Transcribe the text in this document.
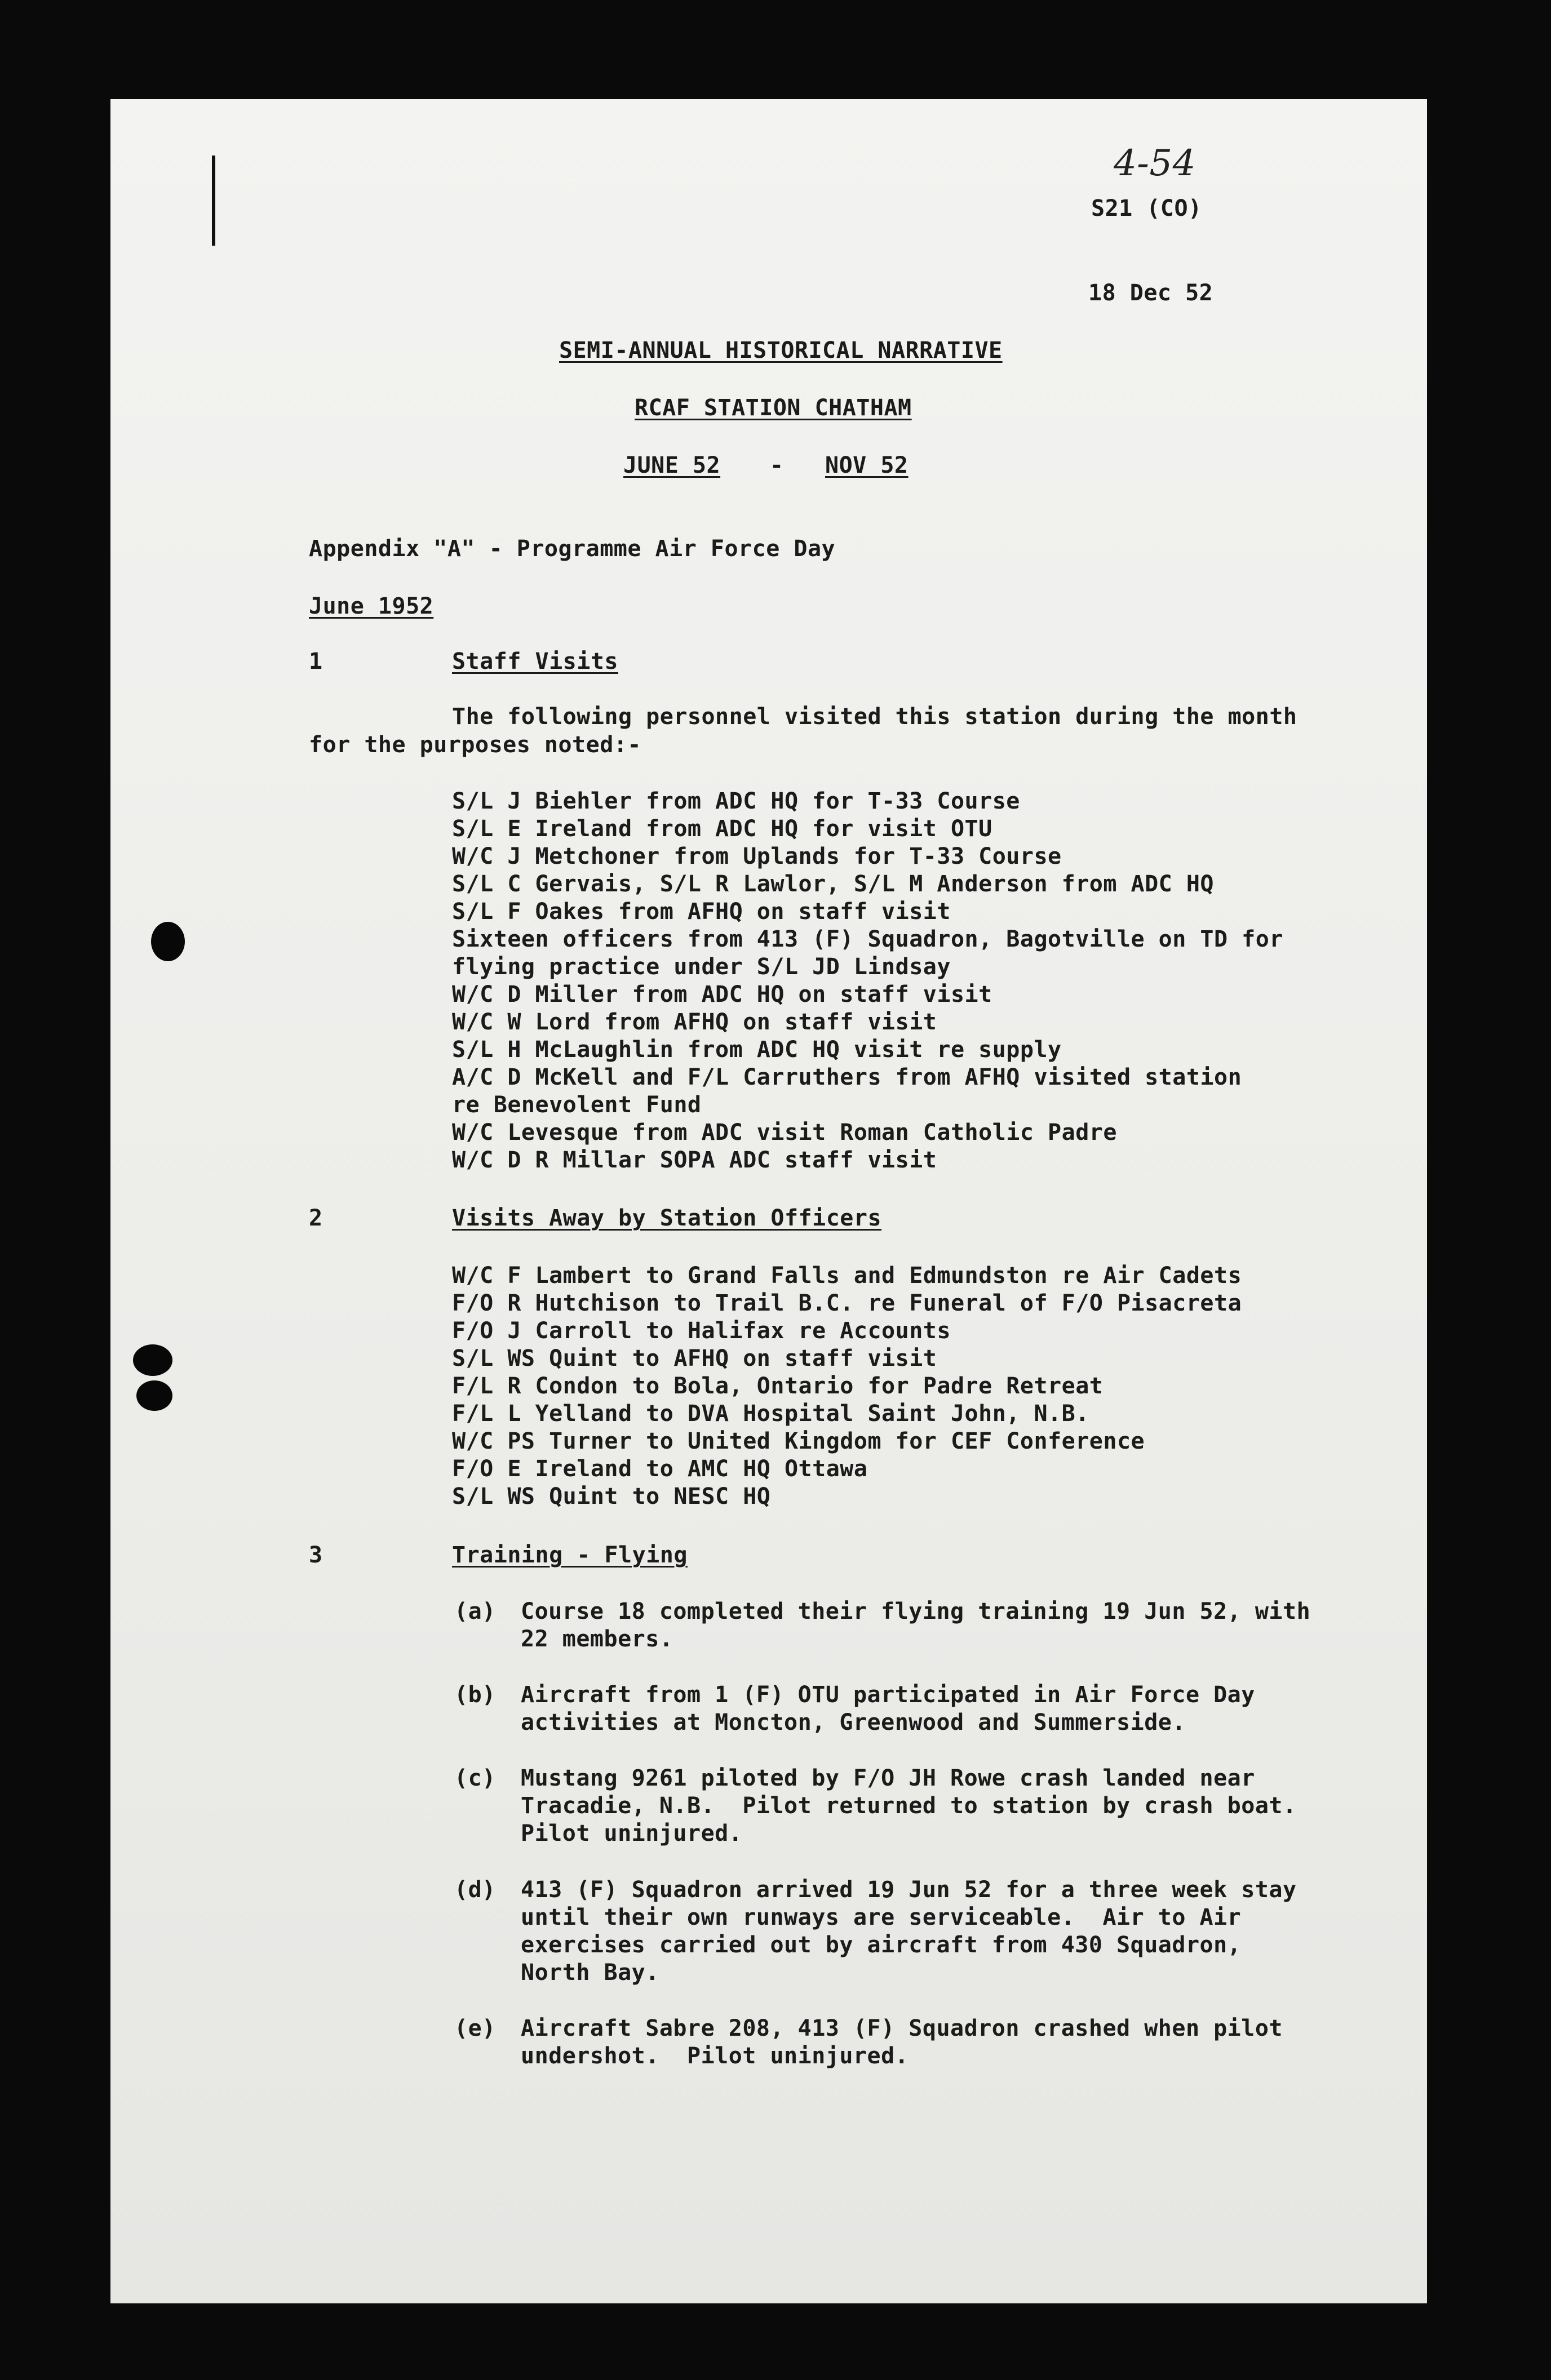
4-54
S21 (CO)
18 Dec 52
SEMI-ANNUAL HISTORICAL NARRATIVE
RCAF STATION CHATHAM
JUNE 52 - NOV 52
Appendix "A" - Programme Air Force Day
June 1952
1	Staff Visits
The following personnel visited this station during the month
for the purposes noted:-
S/L J Biehler from ADC HQ for T-33 Course
S/L E Ireland from ADC HQ for visit OTU
W/C J Metchoner from Uplands for T-33 Course
S/L C Gervais, S/L R Lawlor, S/L M Anderson from ADC HQ
S/L F Oakes from AFHQ on staff visit
Sixteen officers from 413 (F) Squadron, Bagotville on TD for
flying practice under S/L JD Lindsay
W/C D Miller from ADC HQ on staff visit
W/C W Lord from AFHQ on staff visit
S/L H McLaughlin from ADC HQ visit re supply
A/C D McKell and F/L Carruthers from AFHQ visited station
re Benevolent Fund
W/C Levesque from ADC visit Roman Catholic Padre
W/C D R Millar SOPA ADC staff visit
2	Visits Away by Station Officers
W/C F Lambert to Grand Falls and Edmundston re Air Cadets
F/O R Hutchison to Trail B.C. re Funeral of F/O Pisacreta
F/O J Carroll to Halifax re Accounts
S/L WS Quint to AFHQ on staff visit
F/L R Condon to Bola, Ontario for Padre Retreat
F/L L Yelland to DVA Hospital Saint John, N.B.
W/C PS Turner to United Kingdom for CEF Conference
F/O E Ireland to AMC HQ Ottawa
S/L WS Quint to NESC HQ
3	Training - Flying
(a) Course 18 completed their flying training 19 Jun 52, with
22 members.
(b) Aircraft from 1 (F) OTU participated in Air Force Day
activities at Moncton, Greenwood and Summerside.
(c) Mustang 9261 piloted by F/O JH Rowe crash landed near
Tracadie, N.B.  Pilot returned to station by crash boat.
Pilot uninjured.
(d) 413 (F) Squadron arrived 19 Jun 52 for a three week stay
until their own runways are serviceable.  Air to Air
exercises carried out by aircraft from 430 Squadron,
North Bay.
(e) Aircraft Sabre 208, 413 (F) Squadron crashed when pilot
undershot.  Pilot uninjured.
